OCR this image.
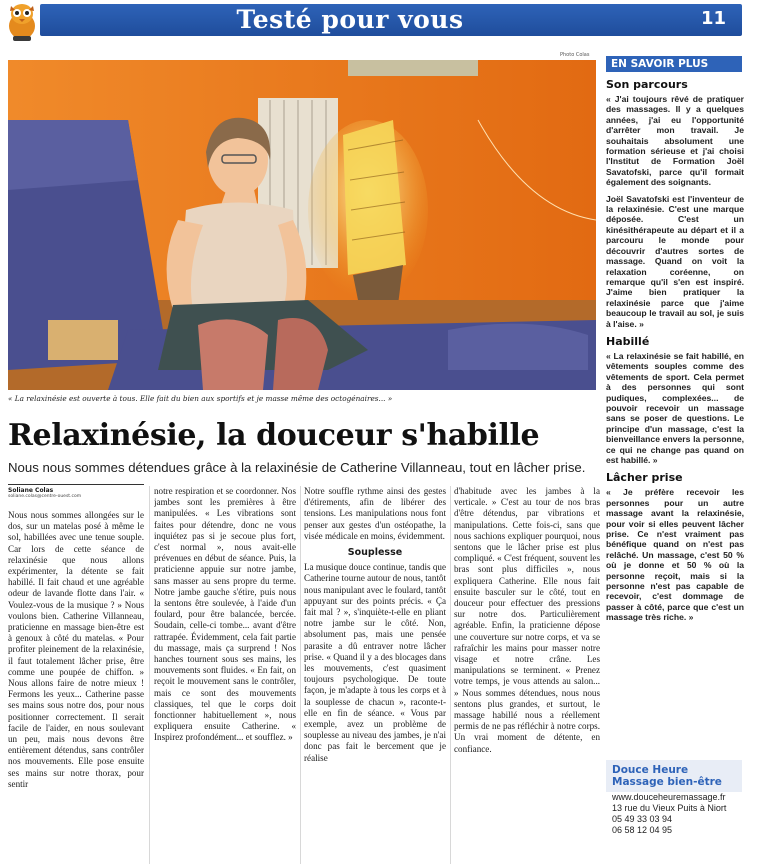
Testé pour vous	11
Photo Colas
« La relaxinésie est ouverte à tous. Elle fait du bien aux sportifs et je masse même des octogénaires... »
Relaxinésie, la douceur s'habille
Nous nous sommes détendues grâce à la relaxinésie de Catherine Villanneau, tout en lâcher prise.
Soliane Colas
soliane.colas@centre-ouest.com

Nous nous sommes allongées sur le dos, sur un matelas posé à même le sol, habillées avec une tenue souple. Car lors de cette séance de relaxinésie que nous allons expérimenter, la détente se fait habillé. Il fait chaud et une agréable odeur de lavande flotte dans l'air. « Voulez-vous de la musique ? » Nous voulons bien. Catherine Villanneau, praticienne en massage bien-être est à genoux à côté du matelas. « Pour profiter pleinement de la relaxinésie, il faut totalement lâcher prise, être comme une poupée de chiffon. » Nous allons faire de notre mieux ! Fermons les yeux... Catherine passe ses mains sous notre dos, pour nous positionner correctement. Il serait facile de l'aider, en nous soulevant un peu, mais nous devons être entièrement détendus, sans contrôler nos mouvements. Elle pose ensuite ses mains sur notre thorax, pour sentir

notre respiration et se coordonner. Nos jambes sont les premières à être manipulées. « Les vibrations sont faites pour détendre, donc ne vous inquiétez pas si je secoue plus fort, c'est normal », nous avait-elle prévenues en début de séance. Puis, la praticienne appuie sur notre jambe, sans masser au sens propre du terme. Notre jambe gauche s'étire, puis nous la sentons être soulevée, à l'aide d'un foulard, pour être balancée, bercée. Soudain, celle-ci tombe... avant d'être rattrapée. Évidemment, cela fait partie du massage, mais ça surprend ! Nos hanches tournent sous ses mains, les mouvements sont fluides. « En fait, on reçoit le mouvement sans le contrôler, mais ce sont des mouvements classiques, tel que le corps doit fonctionner habituellement », nous expliquera ensuite Catherine. « Inspirez profondément... et soufflez. »

Notre souffle rythme ainsi des gestes d'étirements, afin de libérer des tensions. Les manipulations nous font penser aux gestes d'un ostéopathe, la visée médicale en moins, évidemment.

Souplesse

La musique douce continue, tandis que Catherine tourne autour de nous, tantôt nous manipulant avec le foulard, tantôt appuyant sur des points précis. « Ça fait mal ? », s'inquiète-t-elle en pliant notre jambe sur le côté. Non, absolument pas, mais une pensée parasite a dû entraver notre lâcher prise. « Quand il y a des blocages dans les mouvements, c'est quasiment toujours psychologique. De toute façon, je m'adapte à tous les corps et à la souplesse de chacun », raconte-t-elle en fin de séance. « Vous par exemple, avez un problème de souplesse au niveau des jambes, je n'ai donc pas fait le bercement que je réalise

d'habitude avec les jambes à la verticale. » C'est au tour de nos bras d'être détendus, par vibrations et manipulations. Cette fois-ci, sans que nous sachions expliquer pourquoi, nous sentons que le lâcher prise est plus compliqué. « C'est fréquent, souvent les bras sont plus difficiles », nous expliquera Catherine. Elle nous fait ensuite basculer sur le côté, tout en douceur pour effectuer des pressions sur notre dos. Particulièrement agréable. Enfin, la praticienne dépose une couverture sur notre corps, et va se rafraîchir les mains pour masser notre visage et notre crâne. Les manipulations se terminent. « Prenez votre temps, je vous attends au salon... » Nous sommes détendues, nous nous sentons plus grandes, et surtout, le massage habillé nous a réellement permis de ne pas réfléchir à notre corps. Un vrai moment de détente, en confiance.

EN SAVOIR PLUS
Son parcours

« J'ai toujours rêvé de pratiquer des massages. Il y a quelques années, j'ai eu l'opportunité d'arrêter mon travail. Je souhaitais absolument une formation sérieuse et j'ai choisi l'Institut de Formation Joël Savatofski, parce qu'il formait également des soignants.

Joël Savatofski est l'inventeur de la relaxinésie. C'est une marque déposée. C'est un kinésithérapeute au départ et il a parcouru le monde pour découvrir d'autres sortes de massage. Quand on voit la relaxation coréenne, on remarque qu'il s'en est inspiré. J'aime bien pratiquer la relaxinésie parce que j'aime beaucoup le travail au sol, je suis à l'aise. »

Habillé

« La relaxinésie se fait habillé, en vêtements souples comme des vêtements de sport. Cela permet à des personnes qui sont pudiques, complexées... de pouvoir recevoir un massage sans se poser de questions. Le principe d'un massage, c'est la bienveillance envers la personne, ce qui ne change pas quand on est habillé. »

Lâcher prise

« Je préfère recevoir les personnes pour un autre massage avant la relaxinésie, pour voir si elles peuvent lâcher prise. Ce n'est vraiment pas bénéfique quand on n'est pas relâché. Un massage, c'est 50 % où je donne et 50 % où la personne reçoit, mais si la personne n'est pas capable de recevoir, c'est dommage de passer à côté, parce que c'est un massage très riche. »

Douce Heure Massage bien-être
www.douceheuremassage.fr
13 rue du Vieux Puits à Niort
05 49 33 03 94
06 58 12 04 95
